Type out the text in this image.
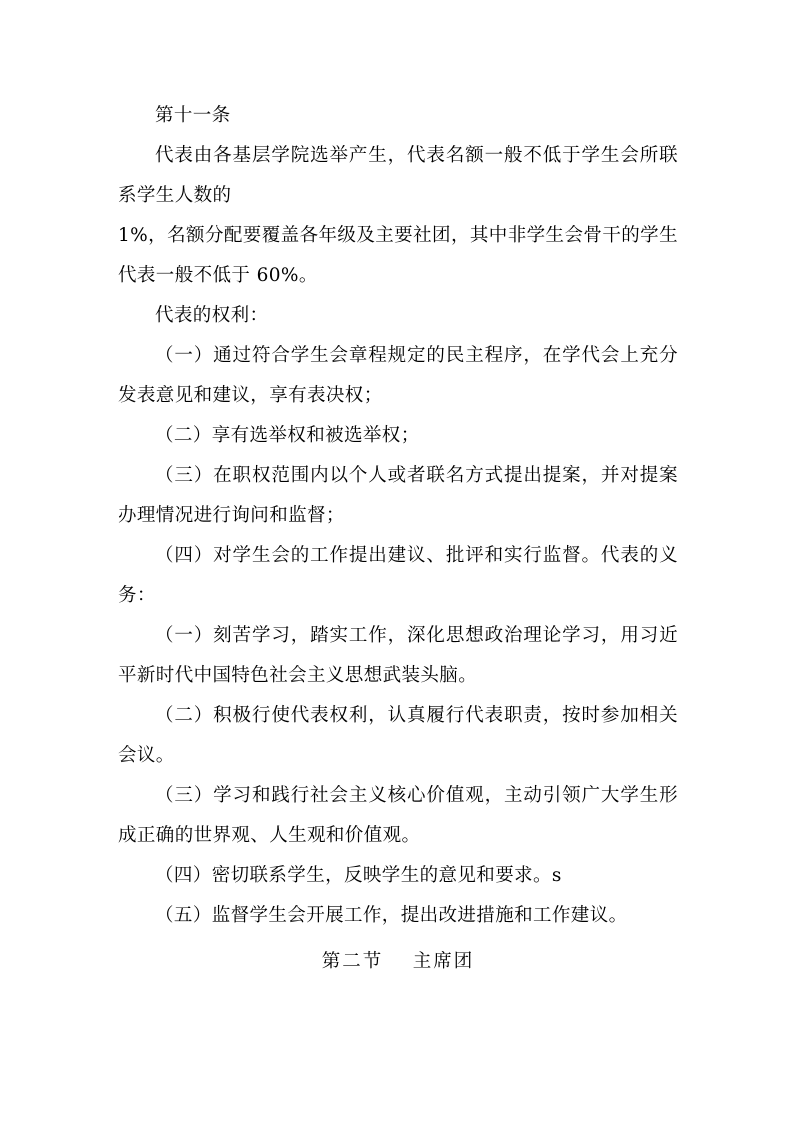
第十一条

代表由各基层学院选举产生，代表名额一般不低于学生会所联系学生人数的

1%，名额分配要覆盖各年级及主要社团，其中非学生会骨干的学生代表一般不低于 60%。

代表的权利：

（一）通过符合学生会章程规定的民主程序，在学代会上充分发表意见和建议，享有表决权；

（二）享有选举权和被选举权；

（三）在职权范围内以个人或者联名方式提出提案，并对提案办理情况进行询问和监督；

（四）对学生会的工作提出建议、批评和实行监督。代表的义务：

（一）刻苦学习，踏实工作，深化思想政治理论学习，用习近平新时代中国特色社会主义思想武装头脑。

（二）积极行使代表权利，认真履行代表职责，按时参加相关会议。

（三）学习和践行社会主义核心价值观，主动引领广大学生形成正确的世界观、人生观和价值观。

（四）密切联系学生，反映学生的意见和要求。s

（五）监督学生会开展工作，提出改进措施和工作建议。

第二节 主席团
